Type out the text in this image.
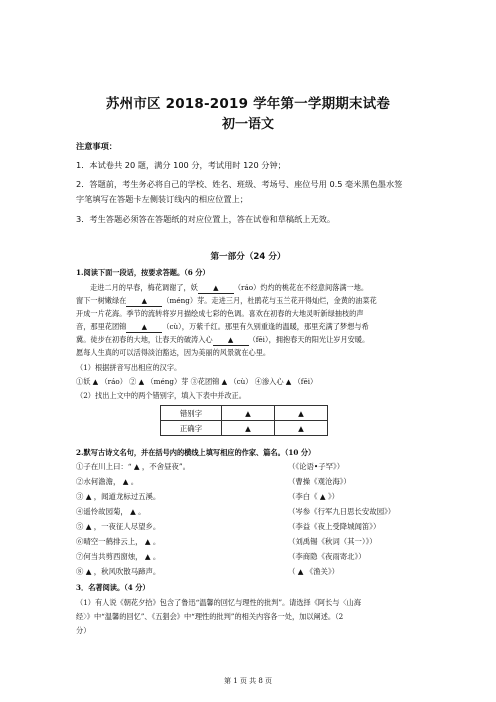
苏州市区 2018-2019 学年第一学期期末试卷
初一语文
注意事项：
1．本试卷共 20 题，满分 100 分，考试用时 120 分钟；
2．答题前，考生务必将自己的学校、姓名、班级、考场号、座位号用 0.5 毫米黑色墨水签
字笔填写在答题卡左侧装订线内的相应位置上；
3．考生答题必须答在答题纸的对应位置上，答在试卷和草稿纸上无效。
第一部分（24 分）
1.阅读下面一段话，按要求答题。（6 分）
走进二月的早春，梅花调谢了，妖 ▲ （ráo）灼灼的桃花在不经意间落满一地。
窗下一树嫩绿在 ▲ （méng）芽。走进三月，杜鹃花与玉兰花开得灿烂，金黄的油菜花
开成一片花海。季节的流转将岁月描绘成七彩的色调。喜欢在初春的大地灵听新绿抽枝的声
音，那里花团锦 ▲ （cù），万紫千红。那里有久别重逢的温暖，那里充满了梦想与希
冀。徒步在初春的大地，让春天的破涛入心 ▲ （fēi），拥抱春天的阳光让岁月安暖。
愿每人生真的可以活得淡泊豁达，因为美丽的风景就在心里。
（1）根据拼音写出相应的汉字。
①妖 ▲ （ráo） ② ▲ （méng）芽 ③花团锦 ▲ （cù） ④渗入心 ▲ （fēi）
（2）找出上文中的两个错别字，填入下表中并改正。
错别字	▲	▲
正确字	▲	▲
2.默写古诗文名句，并在括号内的横线上填写相应的作家、篇名。（10 分）
①子在川上曰：“ ▲ ，不舍昼夜”。	（《论语•子罕》）
②水何澹澹， ▲ 。	（曹操《观沧海》）
③ ▲ ，闻道龙标过五溪。	（李白《 ▲ 》）
④遥怜故园菊， ▲ 。	（岑参《行军九日思长安故园》）
⑤ ▲ ，一夜征人尽望乡。	（李益《夜上受降城闻笛》）
⑥晴空一鹤排云上， ▲ 。	（刘禹锡《秋词（其一）》）
⑦何当共剪西窗烛， ▲ 。	（李商隐《夜雨寄北》）
⑧ ▲ ，秋风吹散马蹄声。	（ ▲ 《渔关》）
3．名著阅读。（4 分）
（1）有人说《朝花夕拾》包含了鲁迅“温馨的回忆与理性的批判”。请选择《阿长与〈山海
经〉》中“温馨的回忆”、《五猖会》中“理性的批判”的相关内容各一处，加以阐述。（2
分）
第 1 页 共 8 页
